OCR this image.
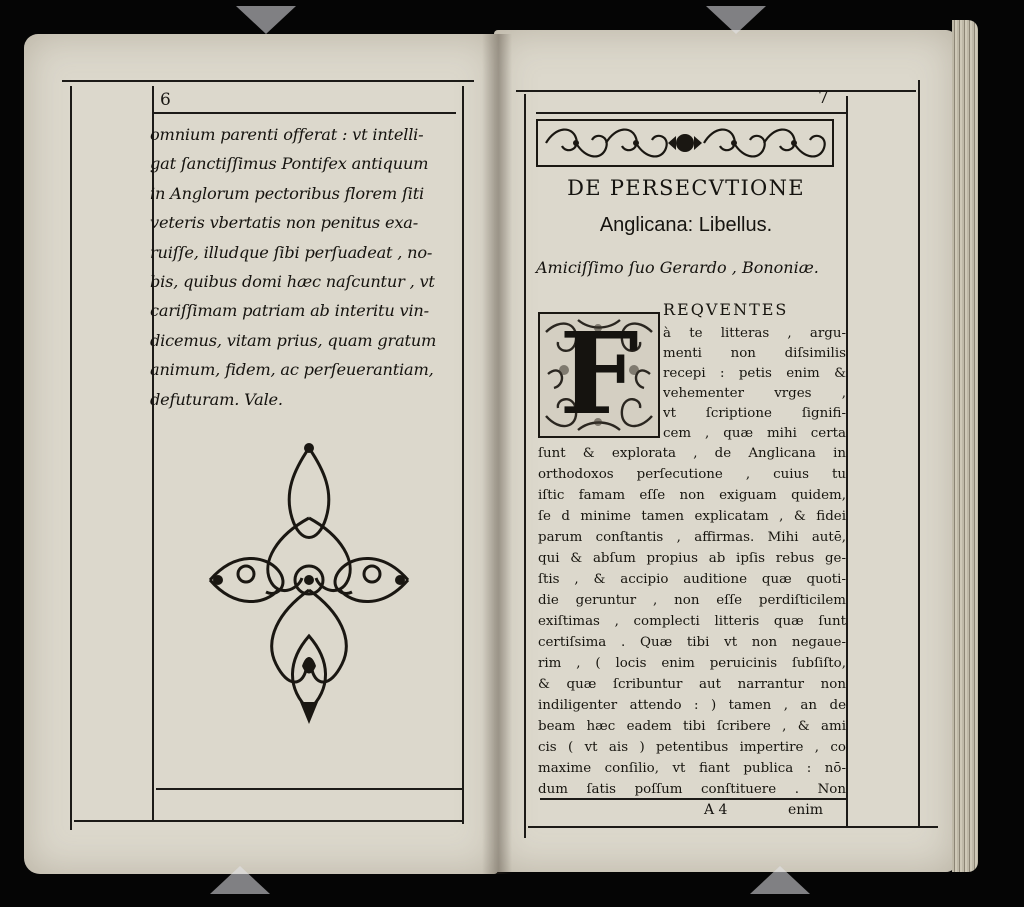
6
omnium parenti offerat : vt intelli-
gat ſanctiſſimus Pontifex antiquum
in Anglorum pectoribus florem ſiti
veteris vbertatis non penitus exa-
ruiſſe, illudque ſibi perſuadeat , no-
bis, quibus domi hæc naſcuntur , vt
cariſſimam patriam ab interitu vin-
dicemus, vitam prius, quam gratum
animum, fidem, ac perſeuerantiam,
defuturam. Vale.
7
DE PERSECVTIONE
Anglicana: Libellus.
Amiciſſimo ſuo Gerardo , Bononiæ.
F	REQVENTES
à te litteras , argu-
menti non diſsimilis
recepi : petis enim &
vehementer vrges ,
vt ſcriptione ſignifi-
cem , quæ mihi certa
ſunt & explorata , de Anglicana in
orthodoxos perſecutione , cuius tu
iſtic famam eſſe non exiguam quidem,
ſe d minime tamen explicatam , & fidei
parum conſtantis , affirmas. Mihi autē,
qui & abſum propius ab ipſis rebus ge-
ſtis , & accipio auditione quæ quoti-
die geruntur , non eſſe perdiſticilem
exiſtimas , complecti litteris quæ ſunt
certiſsima . Quæ tibi vt non negaue-
rim , ( locis enim peruicinis ſubſiſto,
& quæ ſcribuntur aut narrantur non
indiligenter attendo : ) tamen , an de
beam hæc eadem tibi ſcribere , & ami
cis ( vt ais ) petentibus impertire , co
maxime conſilio, vt fiant publica : nō-
dum ſatis poſſum conſtituere . Non
A 4	enim
